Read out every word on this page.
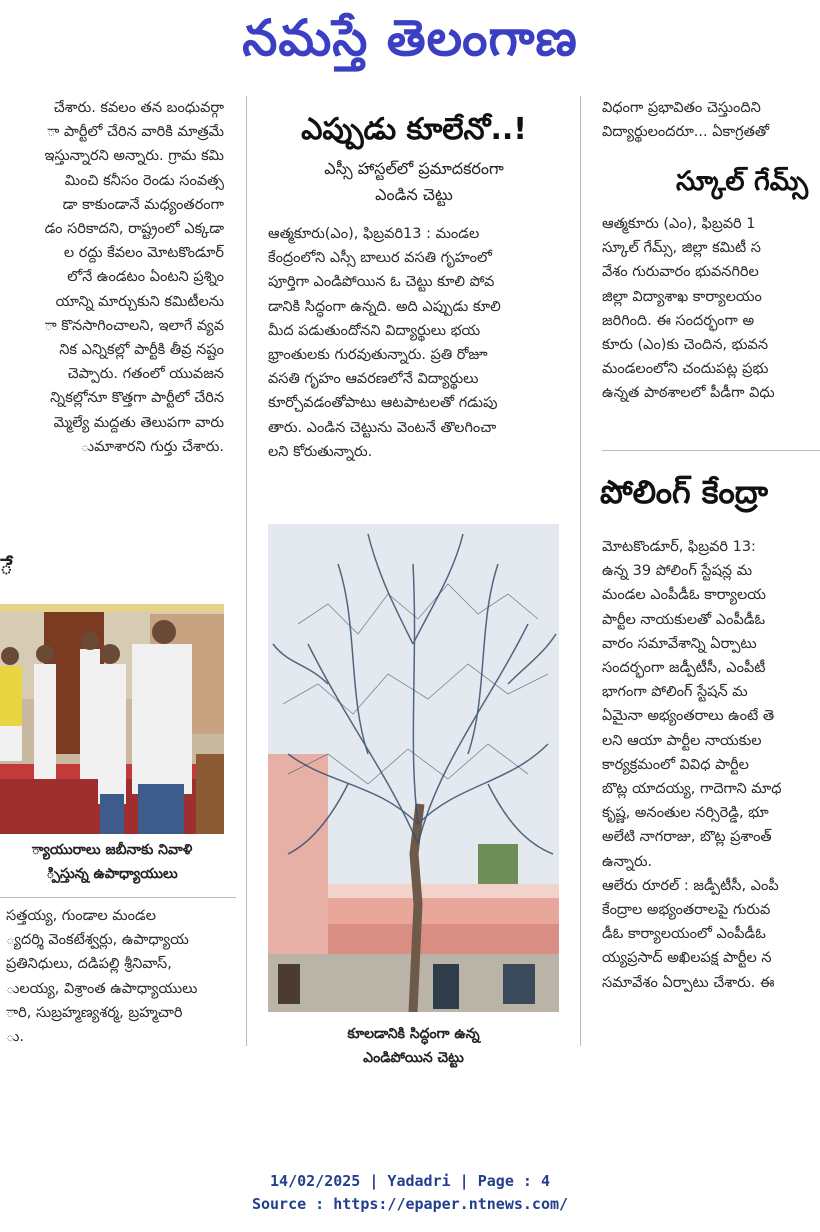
నమస్తే తెలంగాణ

చేశారు. కవలం తన బంధువర్గా

ా పార్టీలో చేరిన వారికి మాత్రమే

ఇస్తున్నారని అన్నారు. గ్రామ కమి

మించి కనీసం రెండు సంవత్స

డా కాకుండానే మధ్యంతరంగా

డం సరికాదని, రాష్ట్రంలో ఎక్కడా

ల రద్దు కేవలం మోటకొండూర్

లోనే ఉండటం ఏంటని ప్రశ్నిం

యాన్ని మార్చుకుని కమిటీలను

ా కొనసాగించాలని, ఇలాగే వ్యవ

నిక ఎన్నికల్లో పార్టీకి తీవ్ర నష్టం

చెప్పారు. గతంలో యువజన

న్నికల్లోనూ కొత్తగా పార్టీలో చేరిన

మ్మెల్యే మద్దతు తెలుపగా వారు

ుమాశారని గుర్తు చేశారు.

ే
్యాయురాలు జబీనాకు నివాళి
్పిస్తున్న ఉపాధ్యాయులు

సత్తయ్య, గుండాల మండల

్యదర్శి వెంకటేశ్వర్లు, ఉపాధ్యాయ

ప్రతినిధులు, దడిపల్లి శ్రీనివాస్,

ులయ్య, విశ్రాంత ఉపాధ్యాయులు

ారి, సుబ్రహ్మణ్యశర్మ, బ్రహ్మచారి

ు.

ఎప్పుడు కూలేనో..!
ఎస్సీ హాస్టల్‌లో ప్రమాదకరంగా
ఎండిన చెట్టు

ఆత్మకూరు(ఎం), ఫిబ్రవరి13 : మండల

కేంద్రంలోని ఎస్సీ బాలుర వసతి గృహంలో

పూర్తిగా ఎండిపోయిన ఓ చెట్టు కూలి పోవ

డానికి సిద్ధంగా ఉన్నది. అది ఎప్పుడు కూలి

మీద పడుతుందోనని విద్యార్థులు భయ

భ్రాంతులకు గురవుతున్నారు. ప్రతి రోజూ

వసతి గృహం ఆవరణలోనే విద్యార్థులు

కూర్చోవడంతోపాటు ఆటపాటలతో గడుపు

తారు. ఎండిన చెట్టును వెంటనే తొలగించా

లని కోరుతున్నారు.

కూలడానికి సిద్ధంగా ఉన్న
ఎండిపోయిన చెట్టు

విధంగా ప్రభావితం చెస్తుందిని

విద్యార్థులందరూ... ఏకాగ్రతతో

స్కూల్ గేమ్స్

ఆత్మకూరు (ఎం), ఫిబ్రవరి 1

స్కూల్ గేమ్స్, జిల్లా కమిటీ స

వేశం గురువారం భువనగిరిల

జిల్లా విద్యాశాఖ కార్యాలయం

జరిగింది. ఈ సందర్భంగా అ

కూరు (ఎం)కు చెందిన, భువన

మండలంలోని చందుపట్ల ప్రభు

ఉన్నత పాఠశాలలో పీడీగా విధు

పోలింగ్ కేంద్రా

మోటకొండూర్, ఫిబ్రవరి 13:

ఉన్న 39 పోలింగ్ స్టేషన్ల మ

మండల ఎంపీడీఓ కార్యాలయ

పార్టీల నాయకులతో ఎంపీడీఓ

వారం సమావేశాన్ని ఏర్పాటు

సందర్భంగా జడ్పీటీసీ, ఎంపీటీ

భాగంగా పోలింగ్ స్టేషన్ మ

ఏమైనా అభ్యంతరాలు ఉంటే తె

లని ఆయా పార్టీల నాయకుల

కార్యక్రమంలో వివిధ పార్టీల

బొట్ల యాదయ్య, గాదెగాని మాధ

కృష్ణ, అనంతుల నర్సిరెడ్డి, భూ

అలేటి నాగరాజు, బొట్ల ప్రశాంత్

ఉన్నారు.

ఆలేరు రూరల్ : జడ్పీటీసీ, ఎంపీ

కేంద్రాల అభ్యంతరాలపై గురువ

డీఓ కార్యాలయంలో ఎంపీడీఓ

య్యప్రసాద్ అఖిలపక్ష పార్టీల న

సమావేశం ఏర్పాటు చేశారు. ఈ

14/02/2025 | Yadadri | Page : 4
Source : https://epaper.ntnews.com/
